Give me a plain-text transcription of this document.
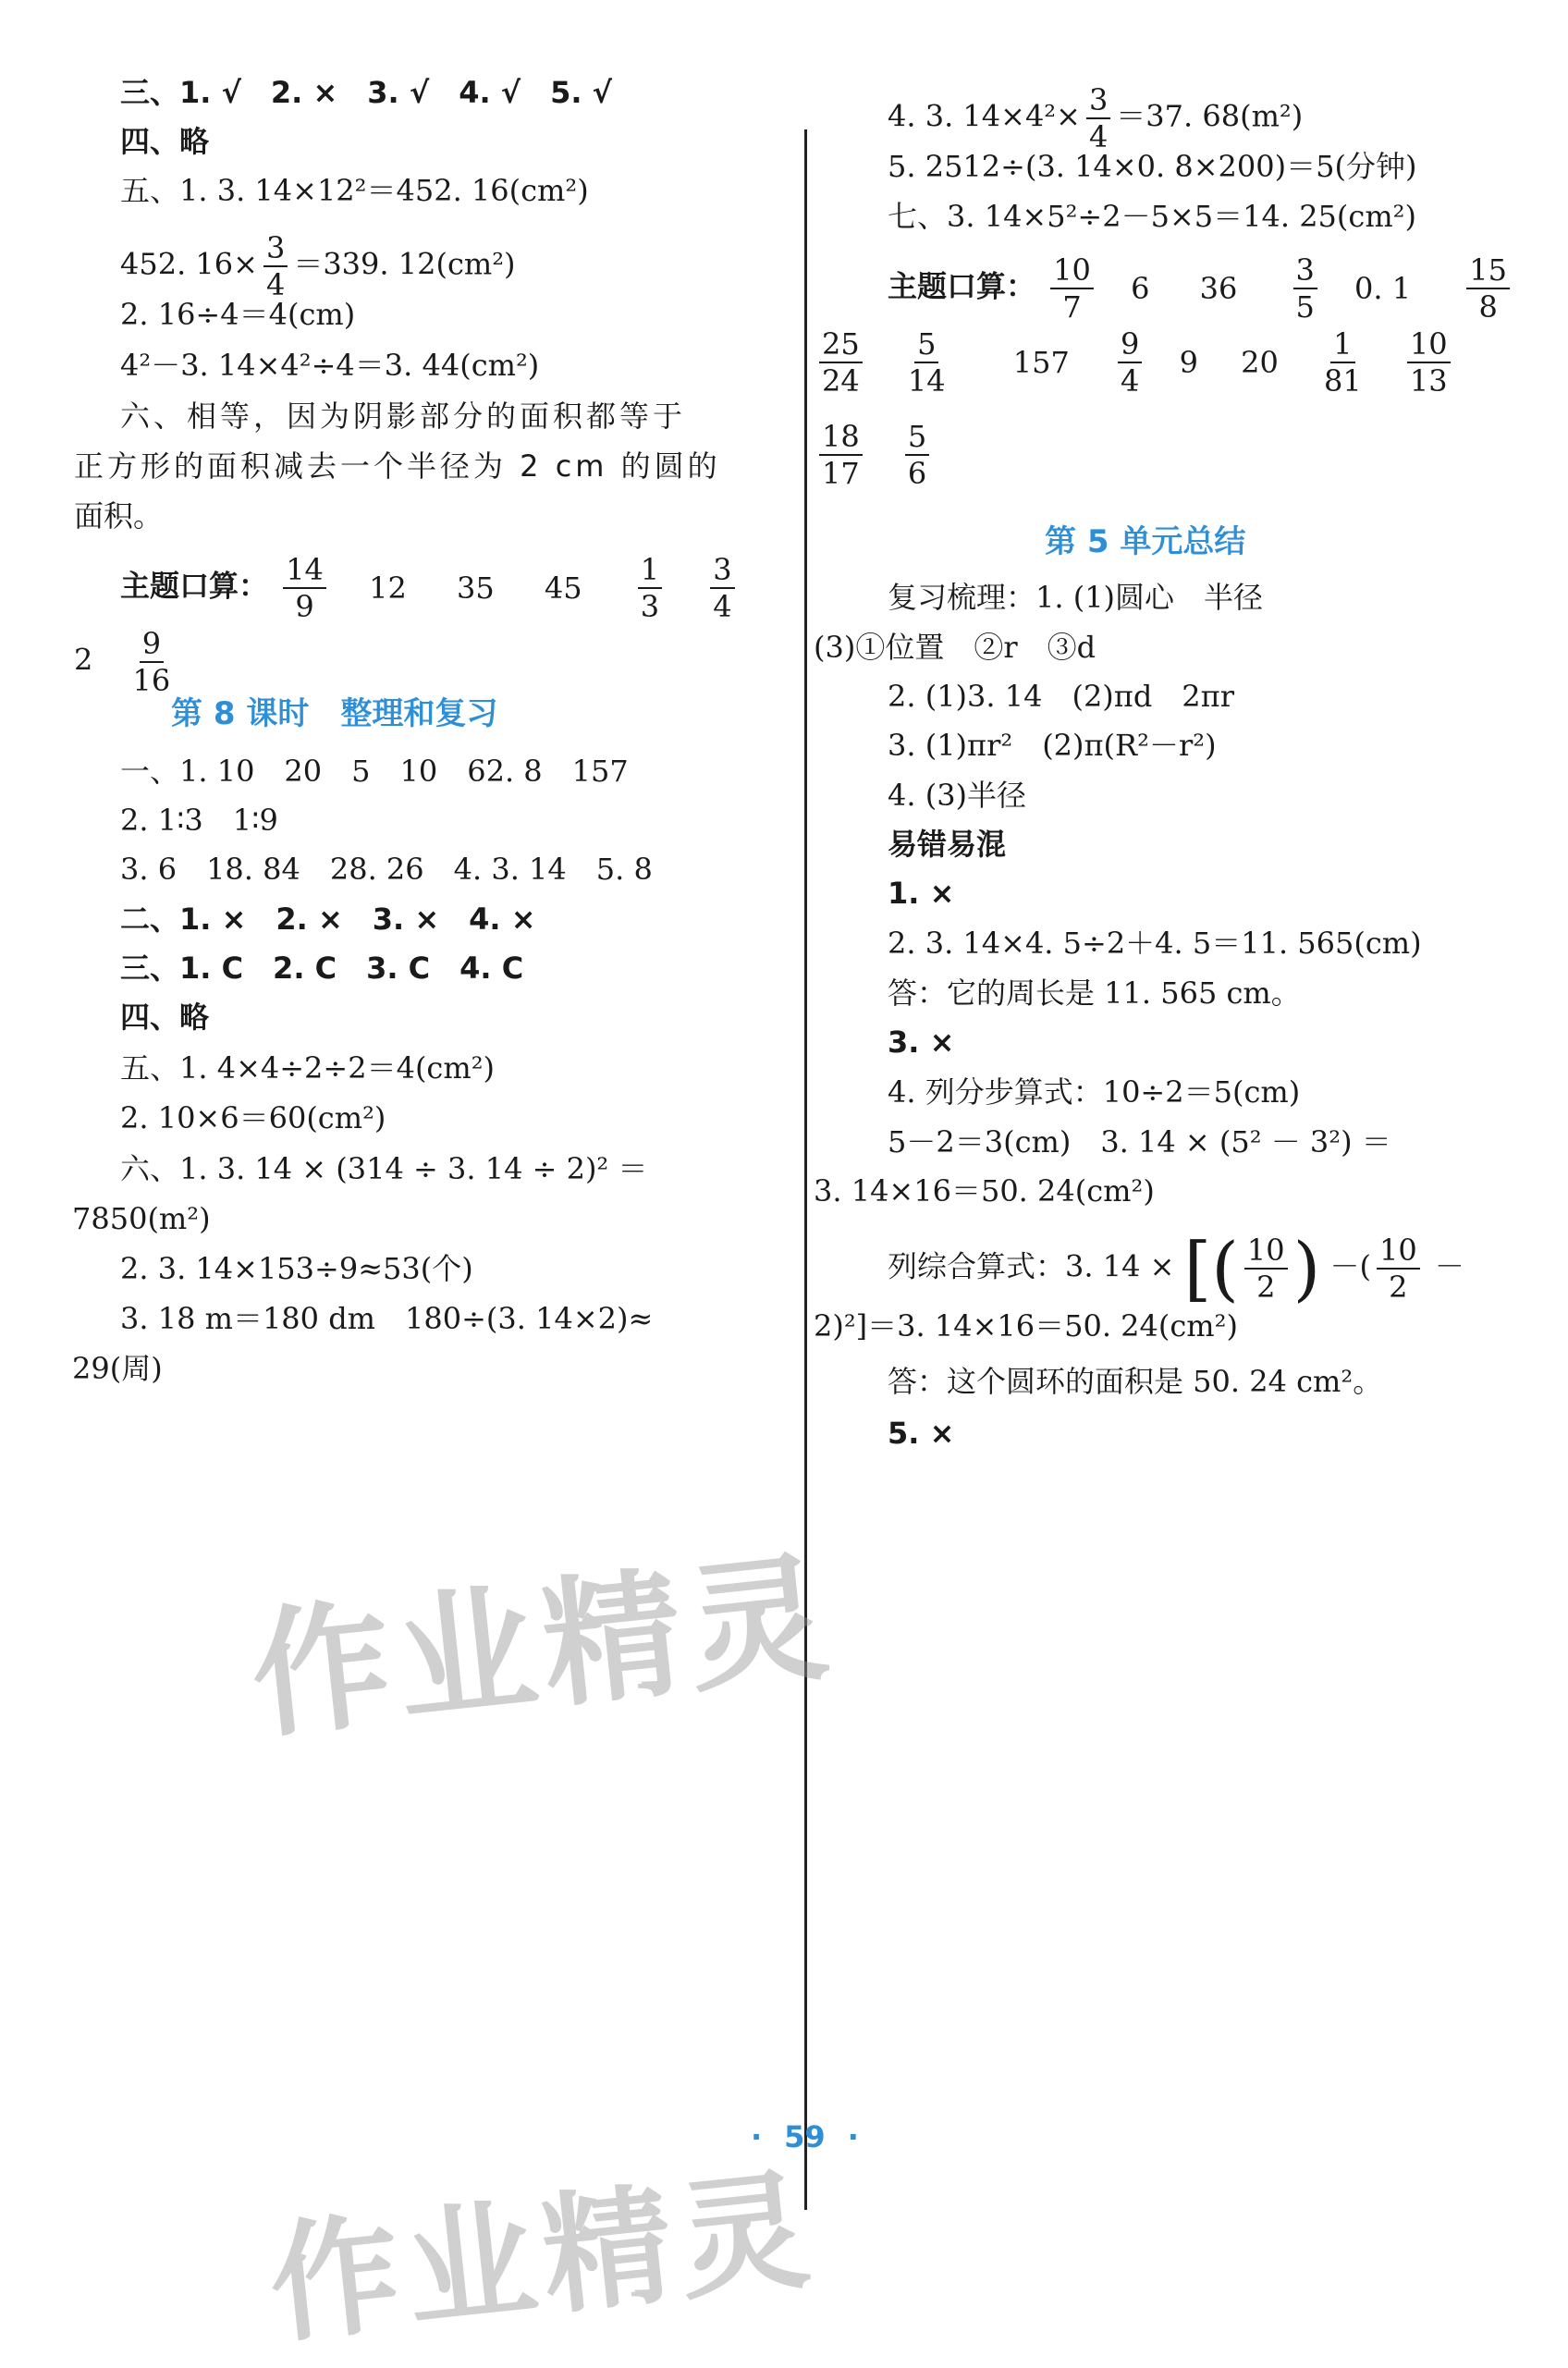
三、1. √　2. ×　3. √　4. √　5. √
四、略
五、1. 3. 14×12²＝452. 16(cm²)
452. $16\times \frac{3}{4} =339$. 12(cm²)
2. 16÷4＝4(cm)
4²－3. 14×4²÷4＝3. 44(cm²)
六、相等，因为阴影部分的面积都等于
正方形的面积减去一个半径为 2 cm 的圆的
面积。
主题口算： $\frac{14}{9} 12$ 35 $45 \frac{1}{3}$
$\frac{3}{4}$
$2 \frac{9}{16}$
第 8 课时　整理和复习
一、1. 10　20　5　10　62. 8　157
2. 1∶3　1∶9
3. 6　18. 84　28. 26　4. 3. 14　5. 8
二、1. ×　2. ×　3. ×　4. ×
三、1. C　2. C　3. C　4. C
四、略
五、1. 4×4÷2÷2＝4(cm²)
2. 10×6＝60(cm²)
六、1. 3. 14 × (314 ÷ 3. 14 ÷ 2)² ＝
7850(m²)
2. 3. 14×153÷9≈53(个)
3. 18 m＝180 dm　180÷(3. 14×2)≈
29(周)
4. 3. $14\times 4^2\times \frac{3}{4} =37$. 68(m²)
5. 2512÷(3. 14×0. 8×200)＝5(分钟)
七、3. 14×5²÷2－5×5＝14. 25(cm²)
主题口算： $\frac{10}{7} 6$ $36 \frac{3}{5} 0$. $1 \frac{15}{8}$
$\frac{25}{24}$
$\frac{5}{14} 157 \frac{9}{4} 9$ $20 \frac{1}{81}$
$\frac{10}{13}$
$\frac{18}{17}$
$\frac{5}{6}$
第 5 单元总结
复习梳理：1. (1)圆心　半径
(3)①位置　②r　③d
2. (1)3. 14　(2)πd　2πr
3. (1)πr²　(2)π(R²－r²)
4. (3)半径
易错易混
1. ×
2. 3. 14×4. 5÷2＋4. 5＝11. 565(cm)
答：它的周长是 11. 565 cm。
3. ×
4. 列分步算式：10÷2＝5(cm)
5－2＝3(cm)　3. 14 × (5² － 3²) ＝
3. 14×16＝50. 24(cm²)
列综合算式：3. 14 × [( $\frac{10}{2}$ ) －( $\frac{10}{2}$ －
2)²]＝3. 14×16＝50. 24(cm²)
答：这个圆环的面积是 50. 24 cm²。
5. ×
作业精灵
作业精灵
· 59 ·
